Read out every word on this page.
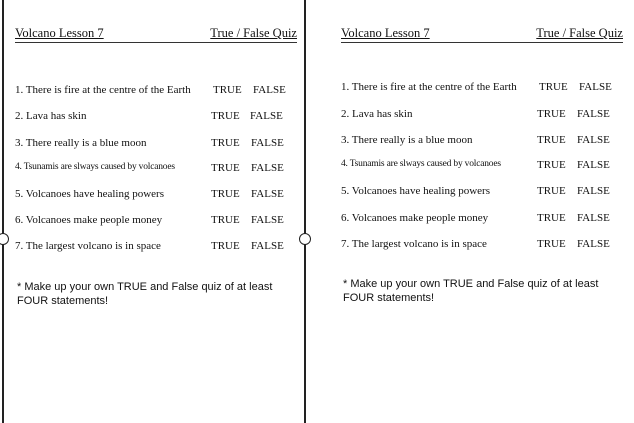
Volcano Lesson 7	True / False Quiz
1. There is fire at the centre of the Earth TRUE FALSE
2. Lava has skin	TRUE FALSE
3. There really is a blue moon	TRUE FALSE
4. Tsunamis are slways caused by volcanoes	TRUE FALSE
5. Volcanoes have healing powers	TRUE FALSE
6. Volcanoes make people money	TRUE FALSE
7. The largest volcano is in space	TRUE FALSE
* Make up your own TRUE and False quiz of at least
FOUR statements!
Volcano Lesson 7	True / False Quiz
1. There is fire at the centre of the Earth TRUE FALSE
2. Lava has skin	TRUE FALSE
3. There really is a blue moon	TRUE FALSE
4. Tsunamis are slways caused by volcanoes	TRUE FALSE
5. Volcanoes have healing powers	TRUE FALSE
6. Volcanoes make people money	TRUE FALSE
7. The largest volcano is in space	TRUE FALSE
* Make up your own TRUE and False quiz of at least
FOUR statements!
